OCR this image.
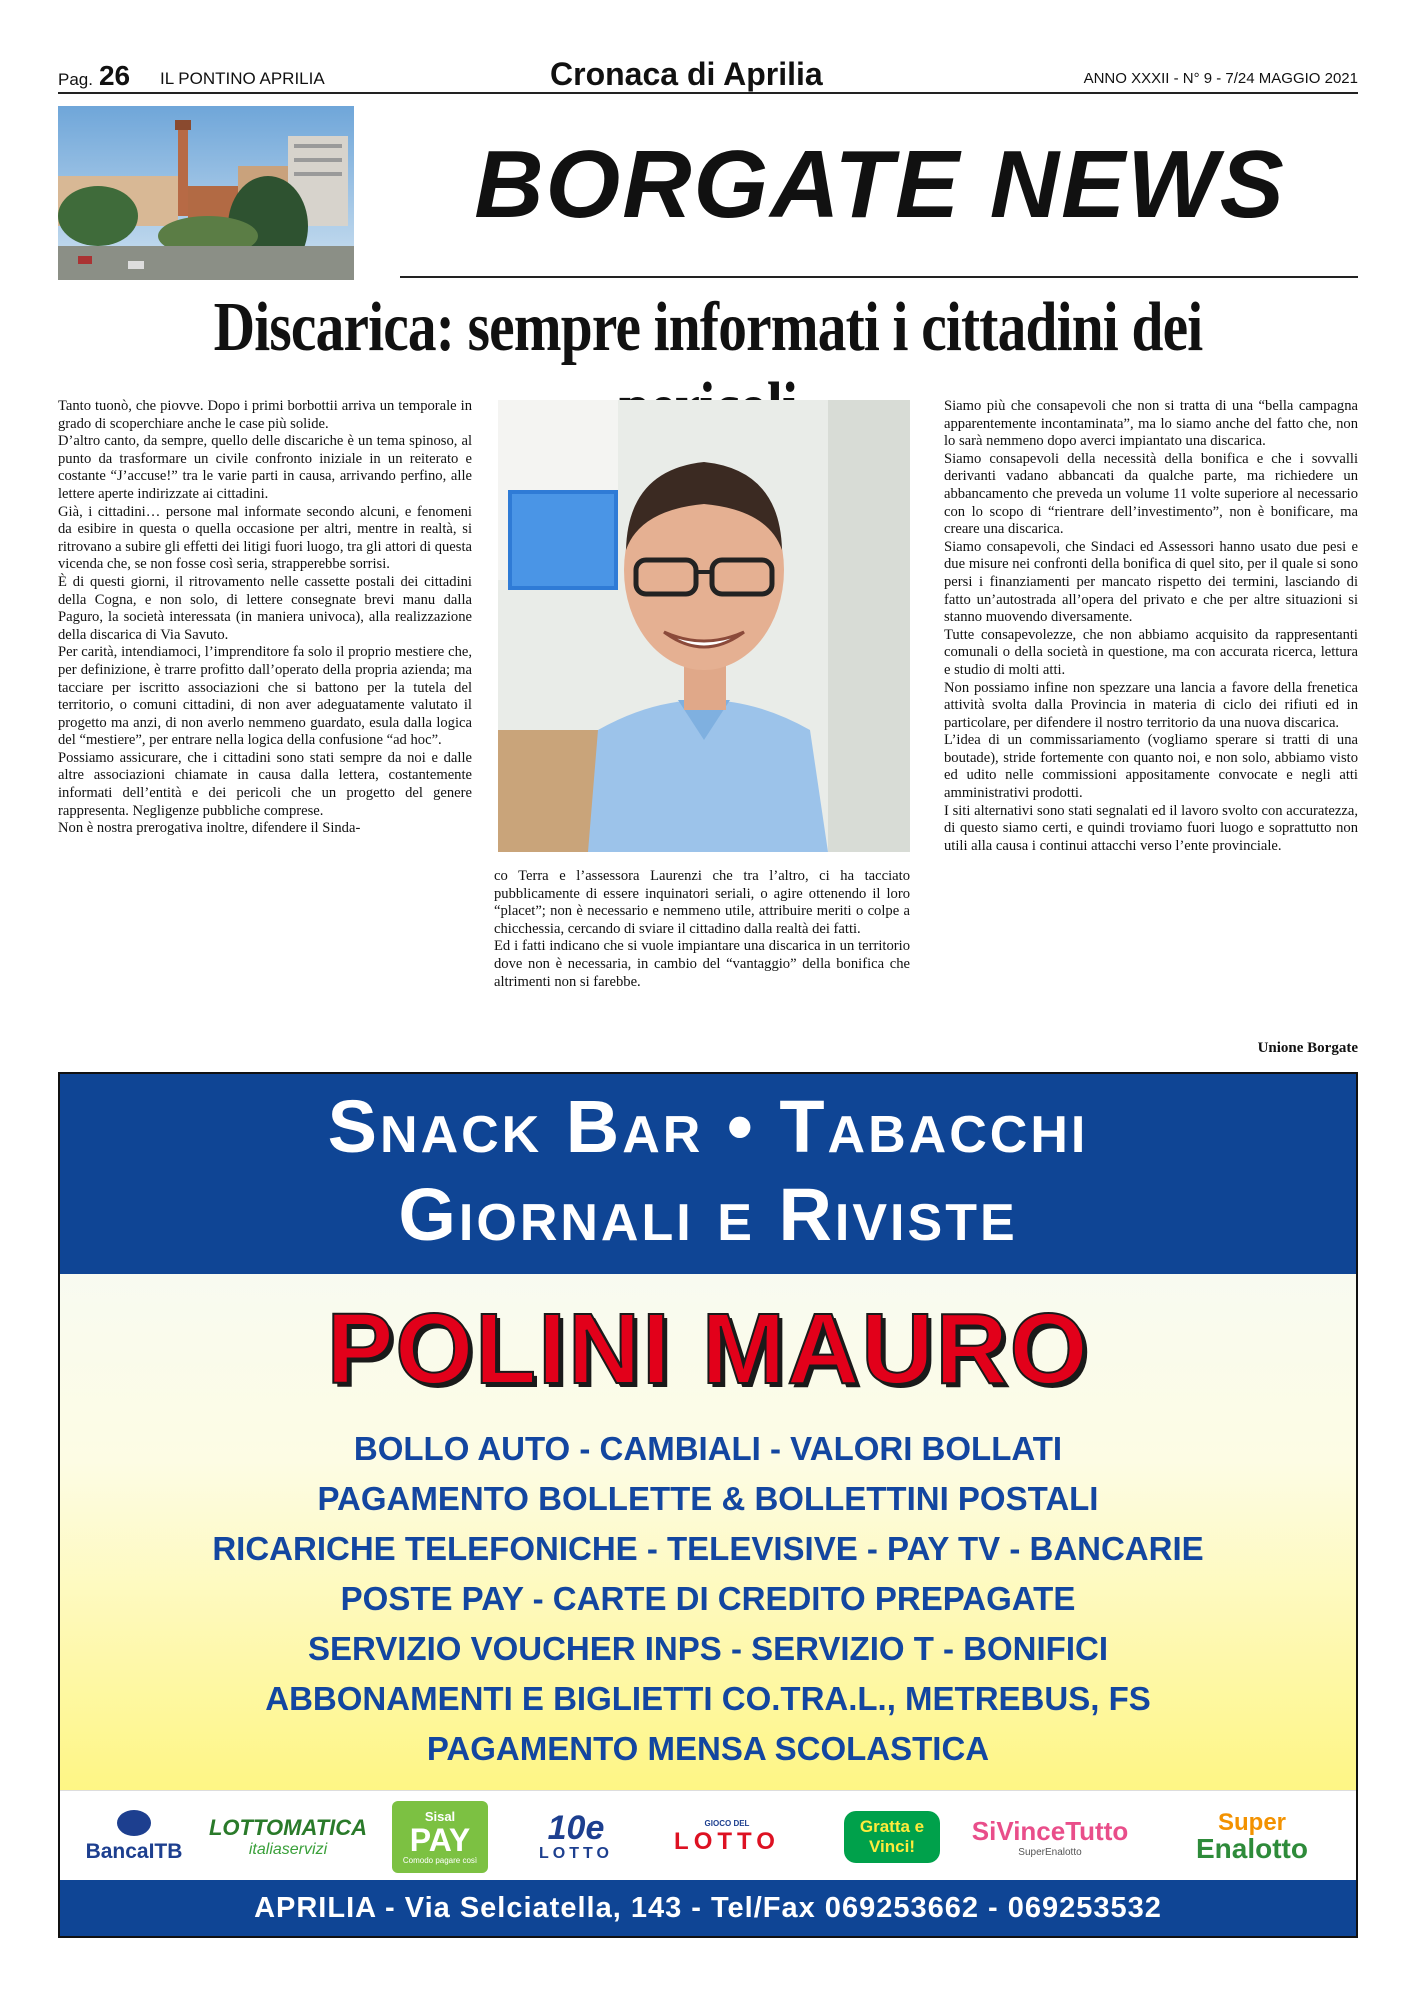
Pag. 26	IL PONTINO APRILIA	Cronaca di Aprilia	ANNO XXXII - N° 9 - 7/24 MAGGIO 2021
BORGATE NEWS
Discarica: sempre informati i cittadini dei

Tanto tuonò, che piovve. Dopo i primi borbottii arriva un temporale in grado di scoperchiare anche le case più solide.

D’altro canto, da sempre, quello delle discariche è un tema spinoso, al punto da trasformare un civile confronto iniziale in un reiterato e costante “J’accuse!” tra le varie parti in causa, arrivando perfino, alle lettere aperte indirizzate ai cittadini.

Già, i cittadini… persone mal informate secondo alcuni, e fenomeni da esibire in questa o quella occasione per altri, mentre in realtà, si ritrovano a subire gli effetti dei litigi fuori luogo, tra gli attori di questa vicenda che, se non fosse così seria, strapperebbe sorrisi.

È di questi giorni, il ritrovamento nelle cassette postali dei cittadini della Cogna, e non solo, di lettere consegnate brevi manu dalla Paguro, la società interessata (in maniera univoca), alla realizzazione della discarica di Via Savuto.

Per carità, intendiamoci, l’imprenditore fa solo il proprio mestiere che, per definizione, è trarre profitto dall’operato della propria azienda; ma tacciare per iscritto associazioni che si battono per la tutela del territorio, o comuni cittadini, di non aver adeguatamente valutato il progetto ma anzi, di non averlo nemmeno guardato, esula dalla logica del “mestiere”, per entrare nella logica della confusione “ad hoc”.

Possiamo assicurare, che i cittadini sono stati sempre da noi e dalle altre associazioni chiamate in causa dalla lettera, costantemente informati dell’entità e dei pericoli che un progetto del genere rappresenta. Negligenze pubbliche comprese.

Non è nostra prerogativa inoltre, difendere il Sinda-

co Terra e l’assessora Laurenzi che tra l’altro, ci ha tacciato pubblicamente di essere inquinatori seriali, o agire ottenendo il loro “placet”; non è necessario e nemmeno utile, attribuire meriti o colpe a chicchessia, cercando di sviare il cittadino dalla realtà dei fatti.

Ed i fatti indicano che si vuole impiantare una discarica in un territorio dove non è necessaria, in cambio del “vantaggio” della bonifica che altrimenti non si farebbe.

Siamo più che consapevoli che non si tratta di una “bella campagna apparentemente incontaminata”, ma lo siamo anche del fatto che, non lo sarà nemmeno dopo averci impiantato una discarica.

Siamo consapevoli della necessità della bonifica e che i sovvalli derivanti vadano abbancati da qualche parte, ma richiedere un abbancamento che preveda un volume 11 volte superiore al necessario con lo scopo di “rientrare dell’investimento”, non è bonificare, ma creare una discarica.

Siamo consapevoli, che Sindaci ed Assessori hanno usato due pesi e due misure nei confronti della bonifica di quel sito, per il quale si sono persi i finanziamenti per mancato rispetto dei termini, lasciando di fatto un’autostrada all’opera del privato e che per altre situazioni si stanno muovendo diversamente.

Tutte consapevolezze, che non abbiamo acquisito da rappresentanti comunali o della società in questione, ma con accurata ricerca, lettura e studio di molti atti.

Non possiamo infine non spezzare una lancia a favore della frenetica attività svolta dalla Provincia in materia di ciclo dei rifiuti ed in particolare, per difendere il nostro territorio da una nuova discarica.

L’idea di un commissariamento (vogliamo sperare si tratti di una boutade), stride fortemente con quanto noi, e non solo, abbiamo visto ed udito nelle commissioni appositamente convocate e negli atti amministrativi prodotti.

I siti alternativi sono stati segnalati ed il lavoro svolto con accuratezza, di questo siamo certi, e quindi troviamo fuori luogo e soprattutto non utili alla causa i continui attacchi verso l’ente provinciale.

Unione Borgate
Snack Bar • Tabacchi
Giornali e Riviste
POLINI MAURO
BOLLO AUTO - CAMBIALI - VALORI BOLLATI
PAGAMENTO BOLLETTE & BOLLETTINI POSTALI
RICARICHE TELEFONICHE - TELEVISIVE - PAY TV - BANCARIE
POSTE PAY - CARTE DI CREDITO PREPAGATE
SERVIZIO VOUCHER INPS - SERVIZIO T - BONIFICI
ABBONAMENTI E BIGLIETTI CO.TRA.L., METREBUS, FS
PAGAMENTO MENSA SCOLASTICA
BancaITB
LOTTOMATICA
italiaservizi
Sisal
PAY
Comodo pagare così
10e
LOTTO
GIOCO DEL
LOTTO
Gratta e Vinci!
SiVinceTutto
SuperEnalotto
Super
Enalotto
APRILIA - Via Selciatella, 143 - Tel/Fax 069253662 - 069253532
